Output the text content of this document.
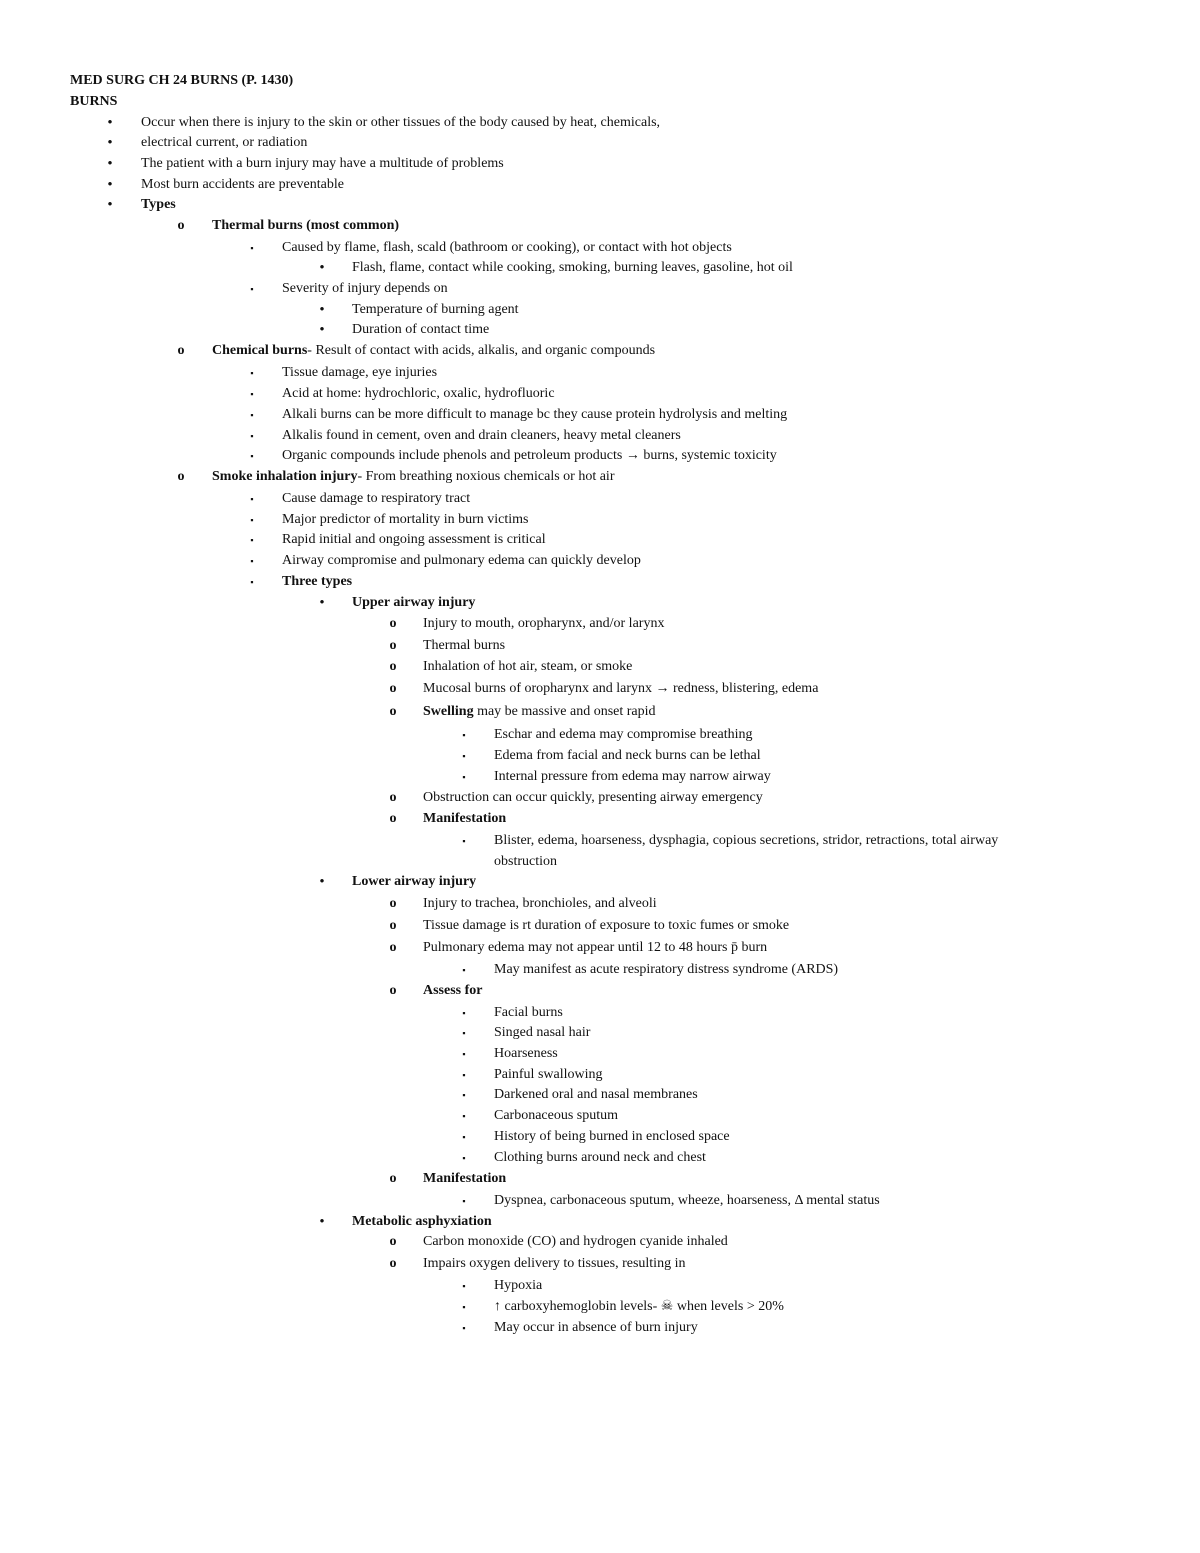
MED SURG CH 24 BURNS (P. 1430)
BURNS
•	Occur when there is injury to the skin or other tissues of the body caused by heat, chemicals,
•	electrical current, or radiation
•	The patient with a burn injury may have a multitude of problems
•	Most burn accidents are preventable
•	Types
o Thermal burns (most common)
▪	Caused by flame, flash, scald (bathroom or cooking), or contact with hot objects
•	Flash, flame, contact while cooking, smoking, burning leaves, gasoline, hot oil
▪	Severity of injury depends on
•	Temperature of burning agent
•	Duration of contact time
o Chemical burns- Result of contact with acids, alkalis, and organic compounds
▪	Tissue damage, eye injuries
▪	Acid at home: hydrochloric, oxalic, hydrofluoric
▪	Alkali burns can be more difficult to manage bc they cause protein hydrolysis and melting
▪	Alkalis found in cement, oven and drain cleaners, heavy metal cleaners
▪	Organic compounds include phenols and petroleum products → burns, systemic toxicity
o Smoke inhalation injury- From breathing noxious chemicals or hot air
▪	Cause damage to respiratory tract
▪	Major predictor of mortality in burn victims
▪	Rapid initial and ongoing assessment is critical
▪	Airway compromise and pulmonary edema can quickly develop
▪	Three types
•	Upper airway injury
o Injury to mouth, oropharynx, and/or larynx
o Thermal burns
o Inhalation of hot air, steam, or smoke
o Mucosal burns of oropharynx and larynx → redness, blistering, edema
o Swelling may be massive and onset rapid
▪	Eschar and edema may compromise breathing
▪	Edema from facial and neck burns can be lethal
▪	Internal pressure from edema may narrow airway
o Obstruction can occur quickly, presenting airway emergency
o Manifestation
▪	Blister, edema, hoarseness, dysphagia, copious secretions, stridor, retractions, total airway
obstruction
•	Lower airway injury
o Injury to trachea, bronchioles, and alveoli
o Tissue damage is rt duration of exposure to toxic fumes or smoke
o Pulmonary edema may not appear until 12 to 48 hours p̄ burn
▪	May manifest as acute respiratory distress syndrome (ARDS)
o Assess for
▪	Facial burns
▪	Singed nasal hair
▪	Hoarseness
▪	Painful swallowing
▪	Darkened oral and nasal membranes
▪	Carbonaceous sputum
▪	History of being burned in enclosed space
▪	Clothing burns around neck and chest
o Manifestation
▪	Dyspnea, carbonaceous sputum, wheeze, hoarseness, Δ mental status
•	Metabolic asphyxiation
o Carbon monoxide (CO) and hydrogen cyanide inhaled
o Impairs oxygen delivery to tissues, resulting in
▪	Hypoxia
▪	↑ carboxyhemoglobin levels- ☠ when levels > 20%
▪	May occur in absence of burn injury
